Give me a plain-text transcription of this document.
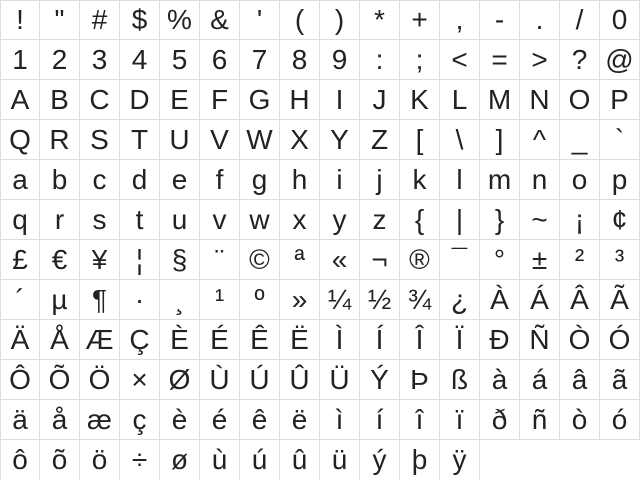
!	" # $ % & '	(	)	* + ,	-	.	/	0
1 2 3 4 5 6 7 8 9	:	; < = > ? @
A B C D E F G H I	J K L M N O P
Q R S T U V W X Y Z [	\	]	^ _ `
a b c d e	f	g h	i	j	k	l m n o p
q r	s	t	u v w x y z	{	|	} ~ ¡ ¢
£ € ¥	¦	§ ¨ © ª « ¬ ® ¯ ° ± ²	³
´ µ ¶ ·	¸	¹	º » ¼ ½ ¾ ¿ À Á Â Ã
Ä Å Æ Ç È É Ê Ë Ì	Í	Î	Ï Ð Ñ Ò Ó
Ô Õ Ö × Ø Ù Ú Û Ü Ý Þ ß à á â ã
ä å æ ç è é ê ë	ì	í	î	ï	ð ñ ò ó
ô õ ö ÷ ø ù ú û ü ý þ ÿ
